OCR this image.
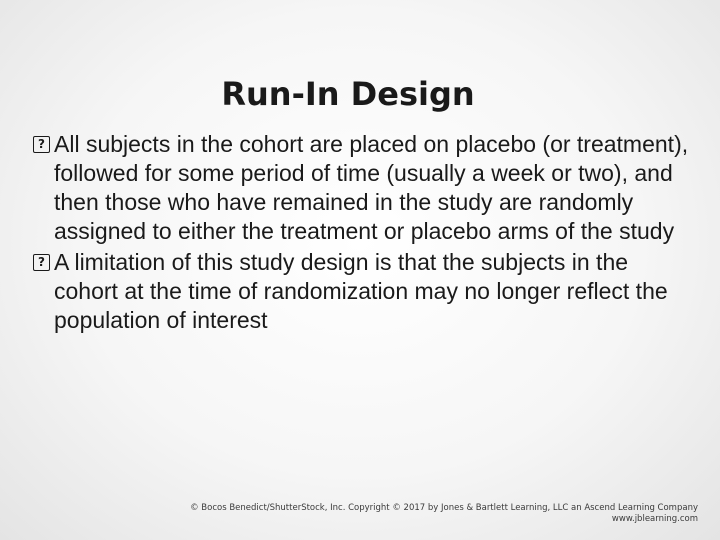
Run-In Design
? All subjects in the cohort are placed on placebo (or treatment), followed for some period of time (usually a week or two), and then those who have remained in the study are randomly assigned to either the treatment or placebo arms of the study
? A limitation of this study design is that the subjects in the cohort at the time of randomization may no longer reflect the population of interest
© Bocos Benedict/ShutterStock, Inc. Copyright © 2017 by Jones & Bartlett Learning, LLC an Ascend Learning Company
www.jblearning.com
